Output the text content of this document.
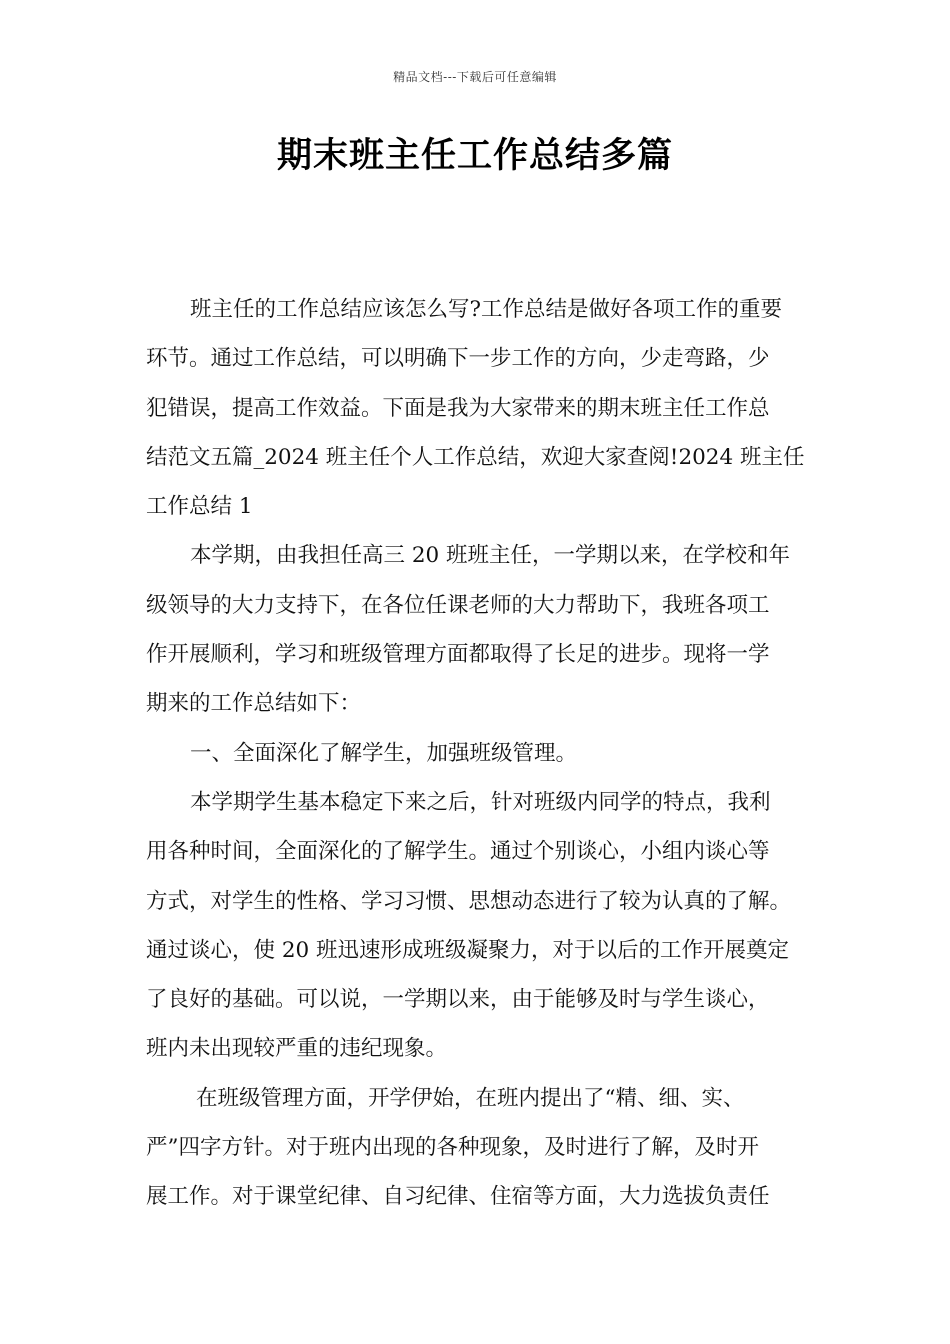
精品文档---下载后可任意编辑
期末班主任工作总结多篇
班主任的工作总结应该怎么写?工作总结是做好各项工作的重要
环节。通过工作总结，可以明确下一步工作的方向，少走弯路，少
犯错误，提高工作效益。下面是我为大家带来的期末班主任工作总
结范文五篇_2024 班主任个人工作总结，欢迎大家查阅!2024 班主任
工作总结 1
本学期，由我担任高三 20 班班主任，一学期以来，在学校和年
级领导的大力支持下，在各位任课老师的大力帮助下，我班各项工
作开展顺利，学习和班级管理方面都取得了长足的进步。现将一学
期来的工作总结如下：
一、全面深化了解学生，加强班级管理。
本学期学生基本稳定下来之后，针对班级内同学的特点，我利
用各种时间，全面深化的了解学生。通过个别谈心，小组内谈心等
方式，对学生的性格、学习习惯、思想动态进行了较为认真的了解。
通过谈心，使 20 班迅速形成班级凝聚力，对于以后的工作开展奠定
了良好的基础。可以说，一学期以来，由于能够及时与学生谈心，
班内未出现较严重的违纪现象。
在班级管理方面，开学伊始，在班内提出了“精、细、实、
严”四字方针。对于班内出现的各种现象，及时进行了解，及时开
展工作。对于课堂纪律、自习纪律、住宿等方面，大力选拔负责任
